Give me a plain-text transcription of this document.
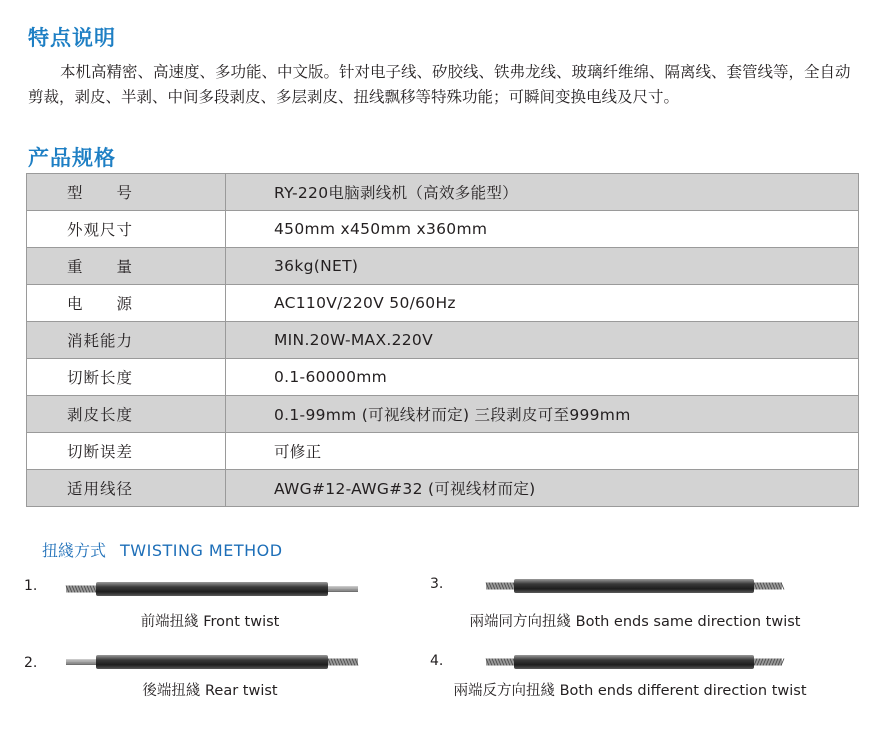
特点说明
本机高精密、高速度、多功能、中文版。针对电子线、矽胶线、铁弗龙线、玻璃纤维绵、隔离线、套管线等，全自动剪裁，剥皮、半剥、中间多段剥皮、多层剥皮、扭线飘移等特殊功能；可瞬间变换电线及尺寸。
产品规格
型　　号	RY-220电脑剥线机（高效多能型）
外观尺寸	450mm x450mm x360mm
重　　量	36kg(NET)
电　　源	AC110V/220V 50/60Hz
消耗能力	MIN.20W-MAX.220V
切断长度	0.1-60000mm
剥皮长度	0.1-99mm (可视线材而定) 三段剥皮可至999mm
切断误差	可修正
适用线径	AWG#12-AWG#32 (可视线材而定)
扭綫方式 TWISTING METHOD
1.
前端扭綫 Front twist
2.
後端扭綫 Rear twist
3.
兩端同方向扭綫 Both ends same direction twist
4.
兩端反方向扭綫 Both ends different direction twist
